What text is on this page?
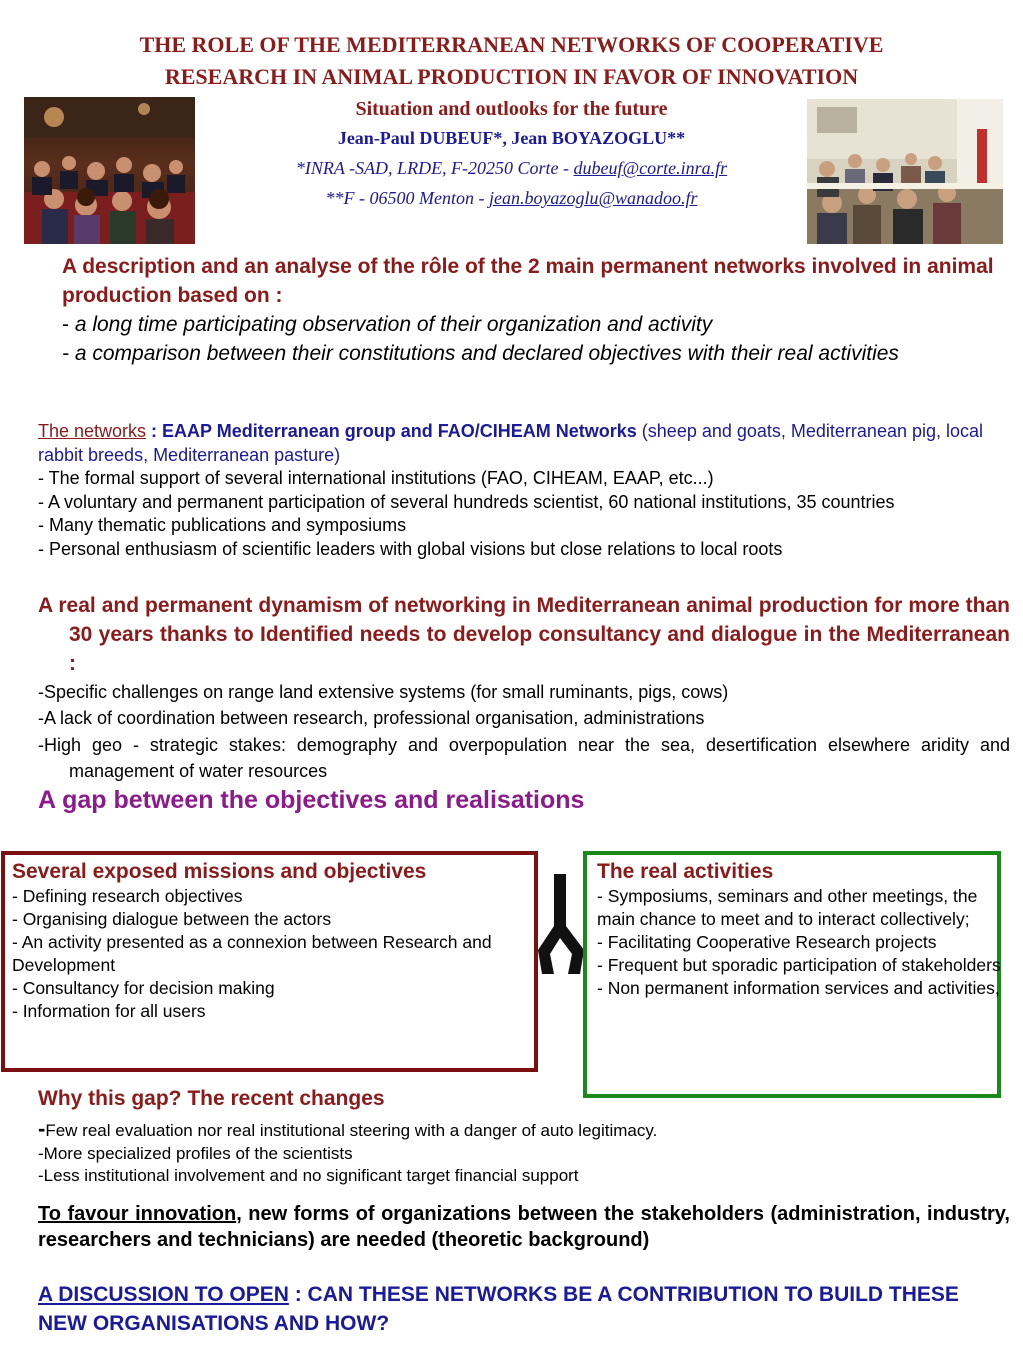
THE ROLE OF THE MEDITERRANEAN NETWORKS OF COOPERATIVE
RESEARCH IN ANIMAL PRODUCTION IN FAVOR OF INNOVATION
Situation and outlooks for the future
Jean-Paul DUBEUF*, Jean BOYAZOGLU**
*INRA -SAD, LRDE, F-20250 Corte - dubeuf@corte.inra.fr
**F - 06500 Menton - jean.boyazoglu@wanadoo.fr
A description and an analyse of the rôle of the 2 main permanent networks involved in animal production based on :
- a long time participating observation of their organization and activity
- a comparison between their constitutions and declared objectives with their real activities
The networks : EAAP Mediterranean group and FAO/CIHEAM Networks (sheep and goats, Mediterranean pig, local rabbit breeds, Mediterranean pasture)
- The formal support of several international institutions (FAO, CIHEAM, EAAP, etc...)
- A voluntary and permanent participation of several hundreds scientist, 60 national institutions, 35 countries
- Many thematic publications and symposiums
- Personal enthusiasm of scientific leaders with global visions but close relations to local roots
A real and permanent dynamism of networking in Mediterranean animal production for more than 30 years thanks to Identified needs to develop consultancy and dialogue in the Mediterranean :
-Specific challenges on range land extensive systems (for small ruminants, pigs, cows)
-A lack of coordination between research, professional organisation, administrations
-High geo - strategic stakes: demography and overpopulation near the sea, desertification elsewhere aridity and management of water resources
A gap between the objectives and realisations
Several exposed missions and objectives
- Defining research objectives
- Organising dialogue between the actors
- An activity presented as a connexion between Research and Development
- Consultancy for decision making
- Information for all users
The real activities
- Symposiums, seminars and other meetings, the main chance to meet and to interact collectively;
- Facilitating Cooperative Research projects
- Frequent but sporadic participation of stakeholders
- Non permanent information services and activities,
Why this gap? The recent changes
-Few real evaluation nor real institutional steering with a danger of auto legitimacy.
-More specialized profiles of the scientists
-Less institutional involvement and no significant target financial support
To favour innovation, new forms of organizations between the stakeholders (administration, industry, researchers and technicians) are needed (theoretic background)
A DISCUSSION TO OPEN : CAN THESE NETWORKS BE A CONTRIBUTION TO BUILD THESE NEW ORGANISATIONS AND HOW?
